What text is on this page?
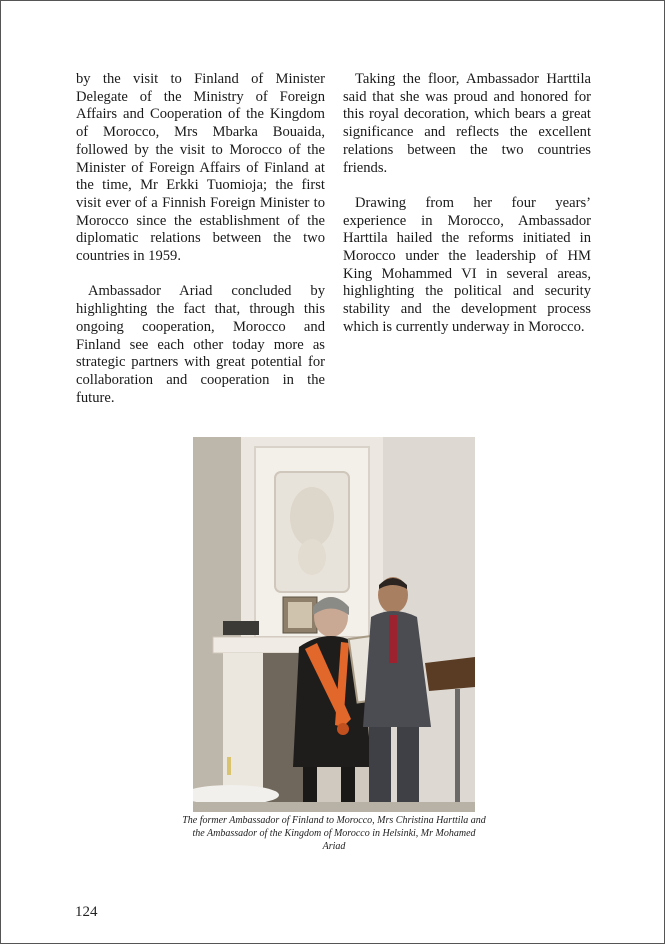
by the visit to Finland of Minister Delegate of the Ministry of Foreign Affairs and Cooperation of the Kingdom of Morocco, Mrs Mbarka Bouaida, followed by the visit to Morocco of the Minister of Foreign Affairs of Finland at the time, Mr Erkki Tuomioja; the first visit ever of a Finnish Foreign Minister to Morocco since the establishment of the diplomatic relations between the two countries in 1959.

Ambassador Ariad concluded by highlighting the fact that, through this ongoing cooperation, Morocco and Finland see each other today more as strategic partners with great potential for collaboration and cooperation in the future.

Taking the floor, Ambassador Harttila said that she was proud and honored for this royal decoration, which bears a great significance and reflects the excellent relations between the two countries friends.

Drawing from her four years’ experience in Morocco, Ambassador Harttila hailed the reforms initiated in Morocco under the leadership of HM King Mohammed VI in several areas, highlighting the political and security stability and the development process which is currently underway in Morocco.

The former Ambassador of Finland to Morocco, Mrs Christina Harttila and the Ambassador of the Kingdom of Morocco in Helsinki, Mr Mohamed Ariad
124
